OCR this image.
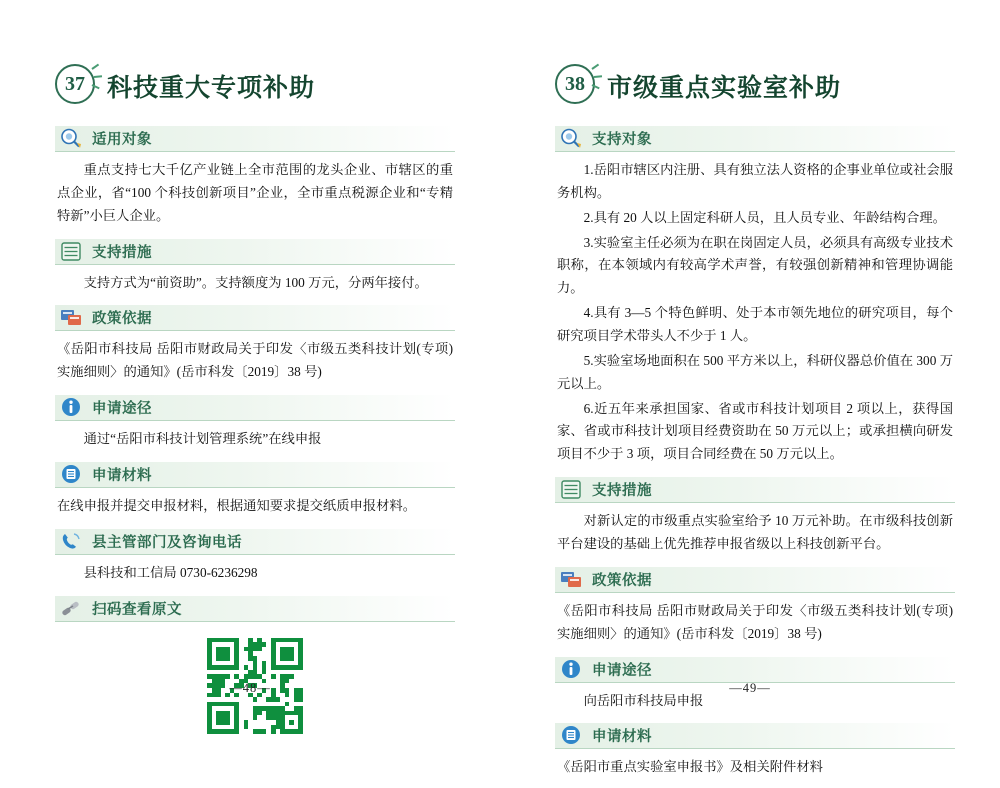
37 科技重大专项补助
适用对象

重点支持七大千亿产业链上全市范围的龙头企业、市辖区的重点企业，省“100 个科技创新项目”企业，全市重点税源企业和“专精特新”小巨人企业。

支持措施

支持方式为“前资助”。支持额度为 100 万元，分两年接付。

政策依据

《岳阳市科技局 岳阳市财政局关于印发〈市级五类科技计划(专项)实施细则〉的通知》(岳市科发〔2019〕38 号)

申请途径

通过“岳阳市科技计划管理系统”在线申报

申请材料

在线申报并提交申报材料，根据通知要求提交纸质申报材料。

县主管部门及咨询电话

县科技和工信局 0730-6236298

扫码查看原文
—48—
38 市级重点实验室补助
支持对象

1.岳阳市辖区内注册、具有独立法人资格的企事业单位或社会服务机构。

2.具有 20 人以上固定科研人员，且人员专业、年龄结构合理。

3.实验室主任必须为在职在岗固定人员，必须具有高级专业技术职称，在本领域内有较高学术声誉，有较强创新精神和管理协调能力。

4.具有 3—5 个特色鲜明、处于本市领先地位的研究项目，每个研究项目学术带头人不少于 1 人。

5.实验室场地面积在 500 平方米以上，科研仪器总价值在 300 万元以上。

6.近五年来承担国家、省或市科技计划项目 2 项以上，获得国家、省或市科技计划项目经费资助在 50 万元以上；或承担横向研发项目不少于 3 项，项目合同经费在 50 万元以上。

支持措施

对新认定的市级重点实验室给予 10 万元补助。在市级科技创新平台建设的基础上优先推荐申报省级以上科技创新平台。

政策依据

《岳阳市科技局 岳阳市财政局关于印发〈市级五类科技计划(专项)实施细则〉的通知》(岳市科发〔2019〕38 号)

申请途径

向岳阳市科技局申报

申请材料

《岳阳市重点实验室申报书》及相关附件材料

—49—
